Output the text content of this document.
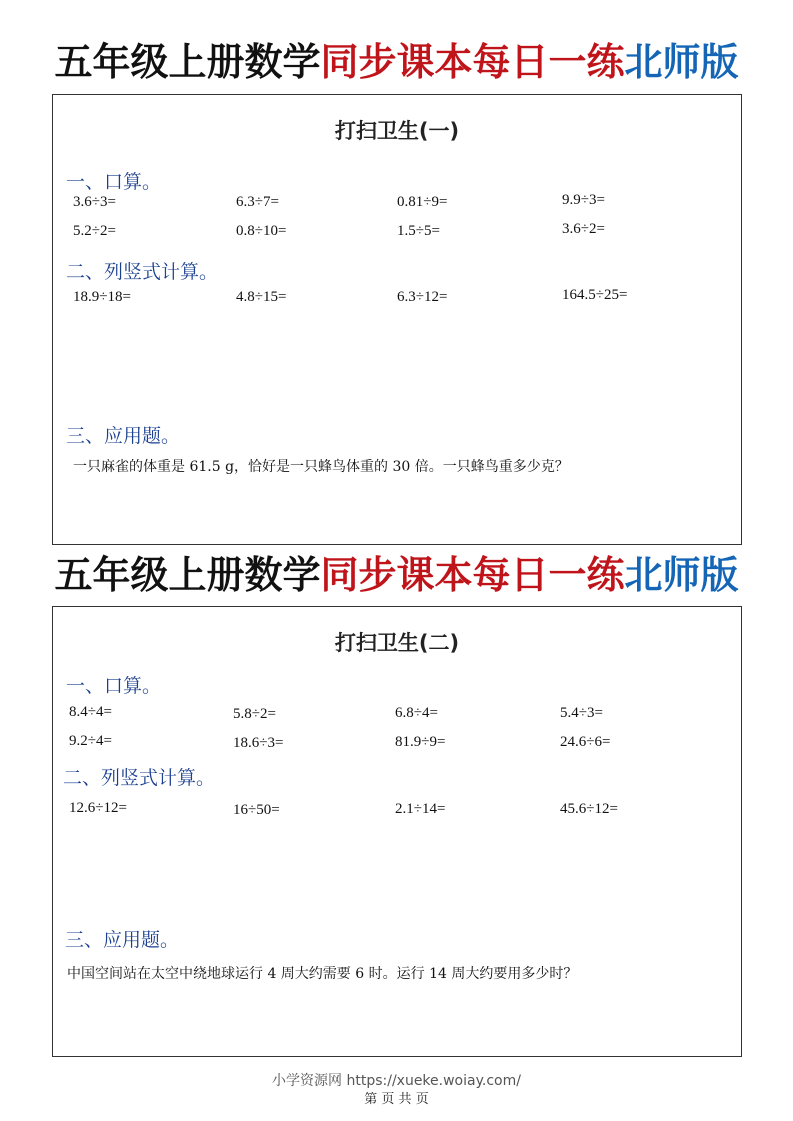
五年级上册数学同步课本每日一练北师版
打扫卫生(一)
一、口算。
3.6÷3=	6.3÷7=	0.81÷9=	9.9÷3=
5.2÷2=	0.8÷10=	1.5÷5=	3.6÷2=
二、列竖式计算。
18.9÷18=	4.8÷15=	6.3÷12=	164.5÷25=
三、应用题。
一只麻雀的体重是 61.5 g，恰好是一只蜂鸟体重的 30 倍。一只蜂鸟重多少克？
五年级上册数学同步课本每日一练北师版
打扫卫生(二)
一、口算。
8.4÷4=	5.8÷2=	6.8÷4=	5.4÷3=
9.2÷4=	18.6÷3=	81.9÷9=	24.6÷6=
二、列竖式计算。
12.6÷12=	16÷50=	2.1÷14=	45.6÷12=
三、应用题。
中国空间站在太空中绕地球运行 4 周大约需要 6 时。运行 14 周大约要用多少时？
小学资源网 https://xueke.woiay.com/
第 页 共 页
